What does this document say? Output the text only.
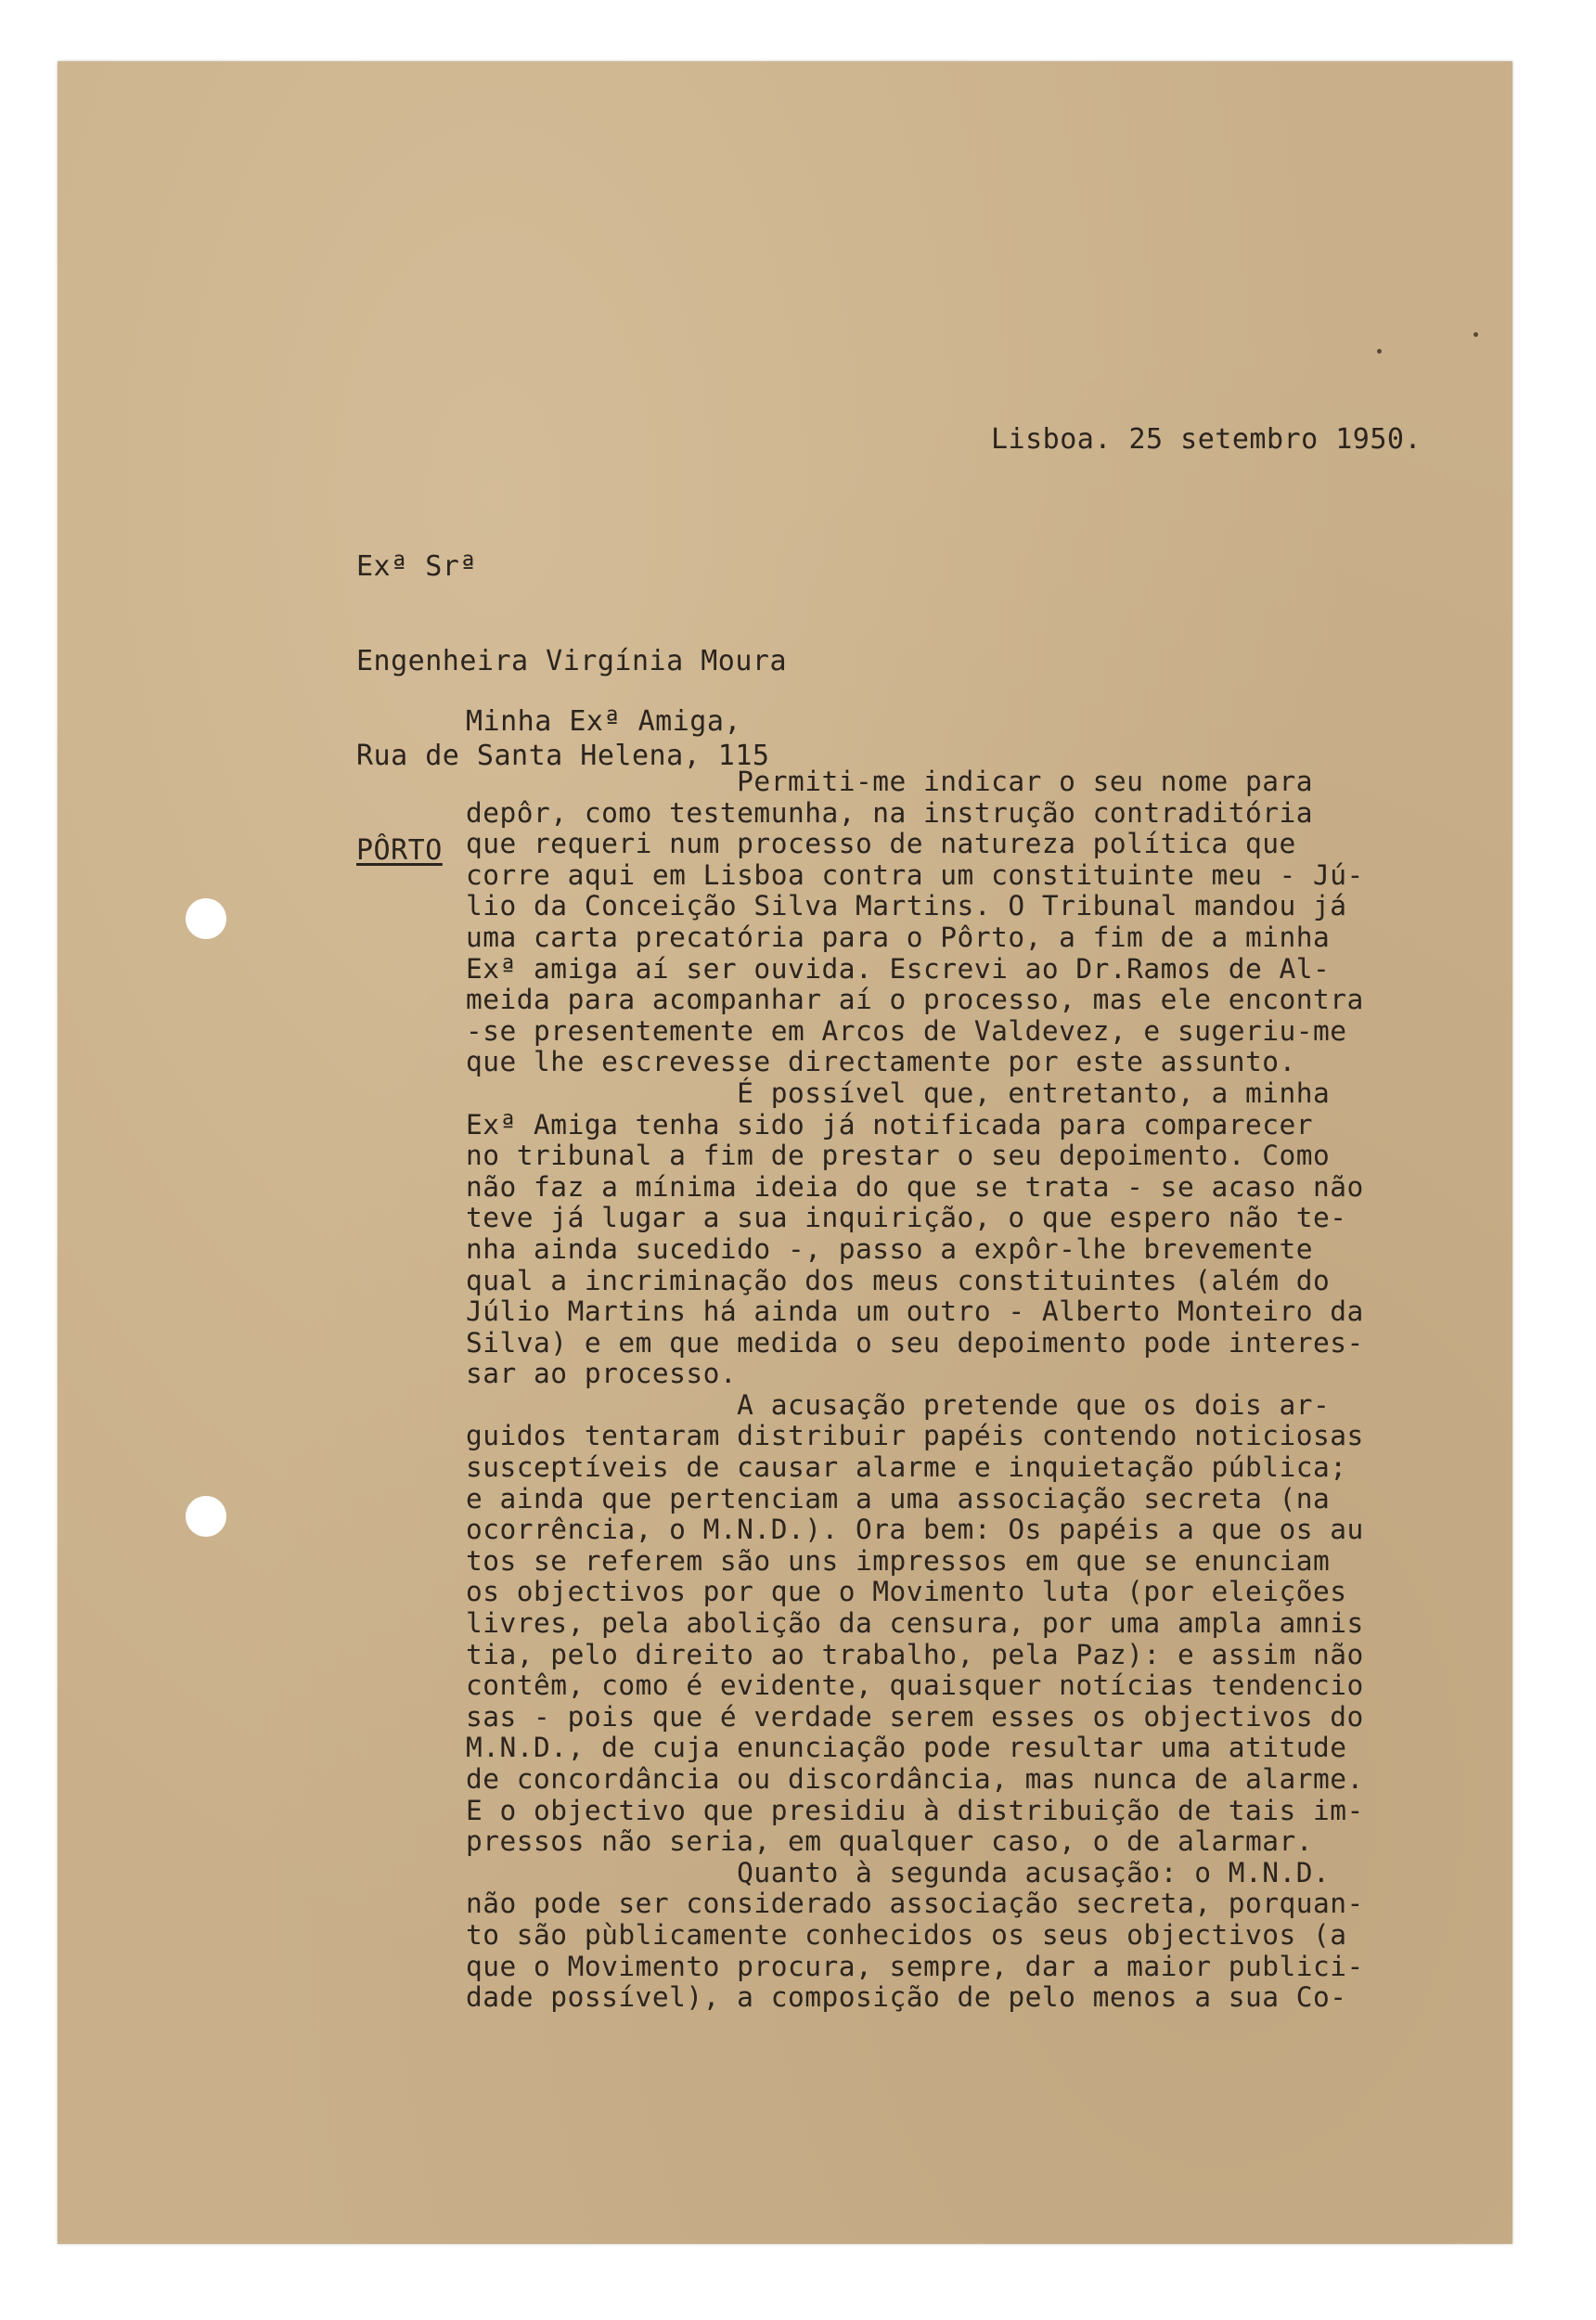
Lisboa. 25 setembro 1950.

Exª Srª

Engenheira Virgínia Moura

Rua de Santa Helena, 115

PÔRTO

Minha Exª Amiga,
Permiti-me indicar o seu nome para
depôr, como testemunha, na instrução contraditória
que requeri num processo de natureza política que
corre aqui em Lisboa contra um constituinte meu - Jú-
lio da Conceição Silva Martins. O Tribunal mandou já
uma carta precatória para o Pôrto, a fim de a minha
Exª amiga aí ser ouvida. Escrevi ao Dr.Ramos de Al-
meida para acompanhar aí o processo, mas ele encontra
-se presentemente em Arcos de Valdevez, e sugeriu-me
que lhe escrevesse directamente por este assunto.
É possível que, entretanto, a minha
Exª Amiga tenha sido já notificada para comparecer
no tribunal a fim de prestar o seu depoimento. Como
não faz a mínima ideia do que se trata - se acaso não
teve já lugar a sua inquirição, o que espero não te-
nha ainda sucedido -, passo a expôr-lhe brevemente
qual a incriminação dos meus constituintes (além do
Júlio Martins há ainda um outro - Alberto Monteiro da
Silva) e em que medida o seu depoimento pode interes-
sar ao processo.
A acusação pretende que os dois ar-
guidos tentaram distribuir papéis contendo noticiosas
susceptíveis de causar alarme e inquietação pública;
e ainda que pertenciam a uma associação secreta (na
ocorrência, o M.N.D.). Ora bem: Os papéis a que os au
tos se referem são uns impressos em que se enunciam
os objectivos por que o Movimento luta (por eleições
livres, pela abolição da censura, por uma ampla amnis
tia, pelo direito ao trabalho, pela Paz): e assim não
contêm, como é evidente, quaisquer notícias tendencio
sas - pois que é verdade serem esses os objectivos do
M.N.D., de cuja enunciação pode resultar uma atitude
de concordância ou discordância, mas nunca de alarme.
E o objectivo que presidiu à distribuição de tais im-
pressos não seria, em qualquer caso, o de alarmar.
Quanto à segunda acusação: o M.N.D.
não pode ser considerado associação secreta, porquan-
to são pùblicamente conhecidos os seus objectivos (a
que o Movimento procura, sempre, dar a maior publici-
dade possível), a composição de pelo menos a sua Co-
